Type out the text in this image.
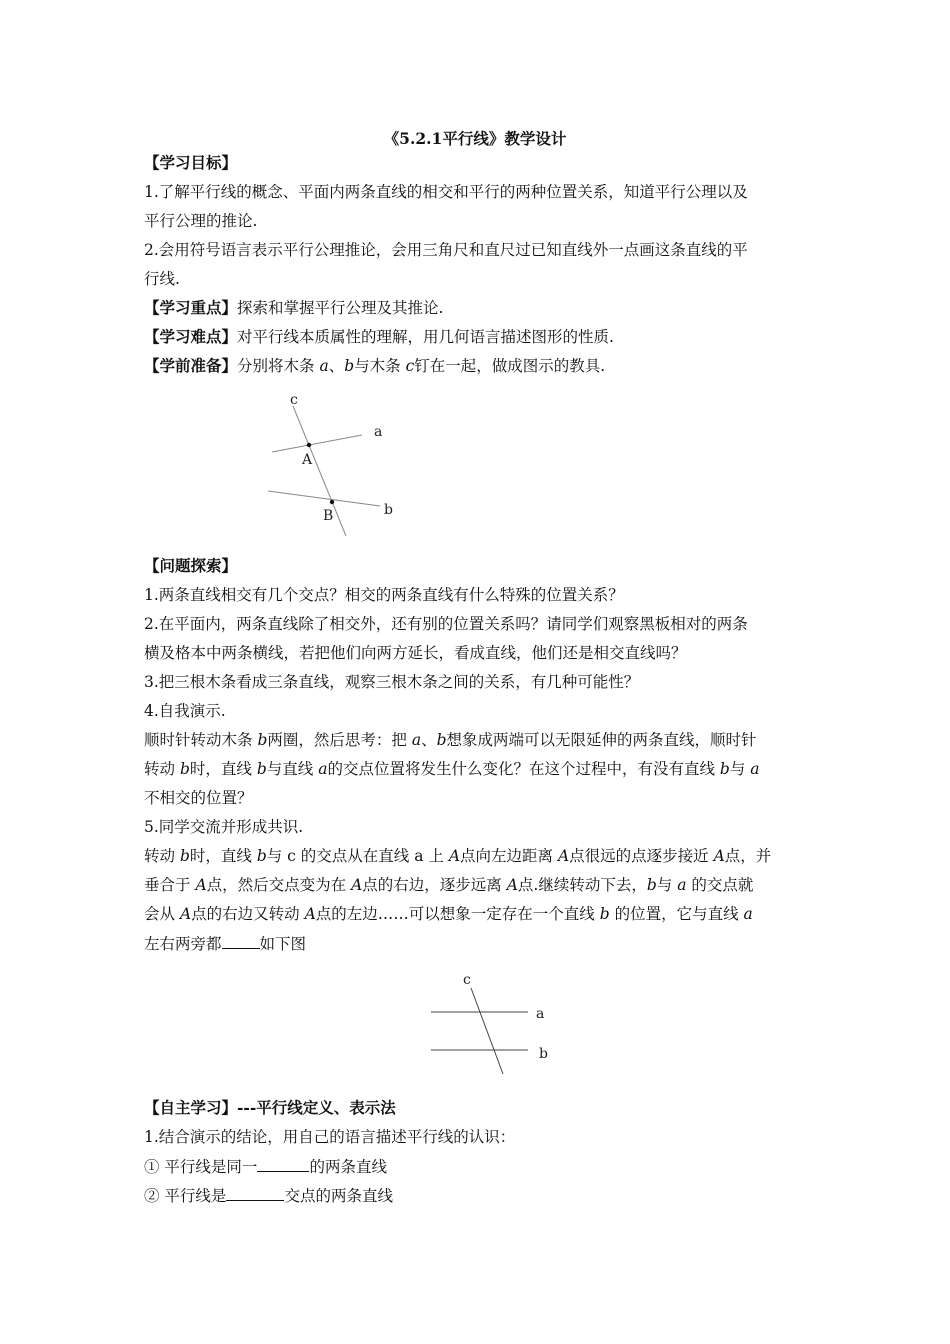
《5.2.1平行线》教学设计
【学习目标】
1.了解平行线的概念、平面内两条直线的相交和平行的两种位置关系，知道平行公理以及
平行公理的推论.
2.会用符号语言表示平行公理推论，会用三角尺和直尺过已知直线外一点画这条直线的平
行线.
【学习重点】探索和掌握平行公理及其推论.
【学习难点】对平行线本质属性的理解，用几何语言描述图形的性质.
【学前准备】分别将木条 a、b与木条 c钉在一起，做成图示的教具.
c
a
A
B	b
【问题探索】
1.两条直线相交有几个交点？相交的两条直线有什么特殊的位置关系？
2.在平面内，两条直线除了相交外，还有别的位置关系吗？请同学们观察黑板相对的两条
横及格本中两条横线，若把他们向两方延长，看成直线，他们还是相交直线吗？
3.把三根木条看成三条直线，观察三根木条之间的关系，有几种可能性？
4.自我演示.
顺时针转动木条 b两圈，然后思考：把 a、b想象成两端可以无限延伸的两条直线，顺时针
转动 b时，直线 b与直线 a的交点位置将发生什么变化？在这个过程中，有没有直线 b与 a
不相交的位置？
5.同学交流并形成共识.
转动 b时，直线 b与 c 的交点从在直线 a 上 A点向左边距离 A点很远的点逐步接近 A点，并
垂合于 A点，然后交点变为在 A点的右边，逐步远离 A点.继续转动下去，b与 a 的交点就
会从 A点的右边又转动 A点的左边……可以想象一定存在一个直线 b 的位置，它与直线 a
左右两旁都 如下图
c
a
b
【自主学习】---平行线定义、表示法
1.结合演示的结论，用自己的语言描述平行线的认识：
① 平行线是同一	的两条直线
② 平行线是	交点的两条直线
